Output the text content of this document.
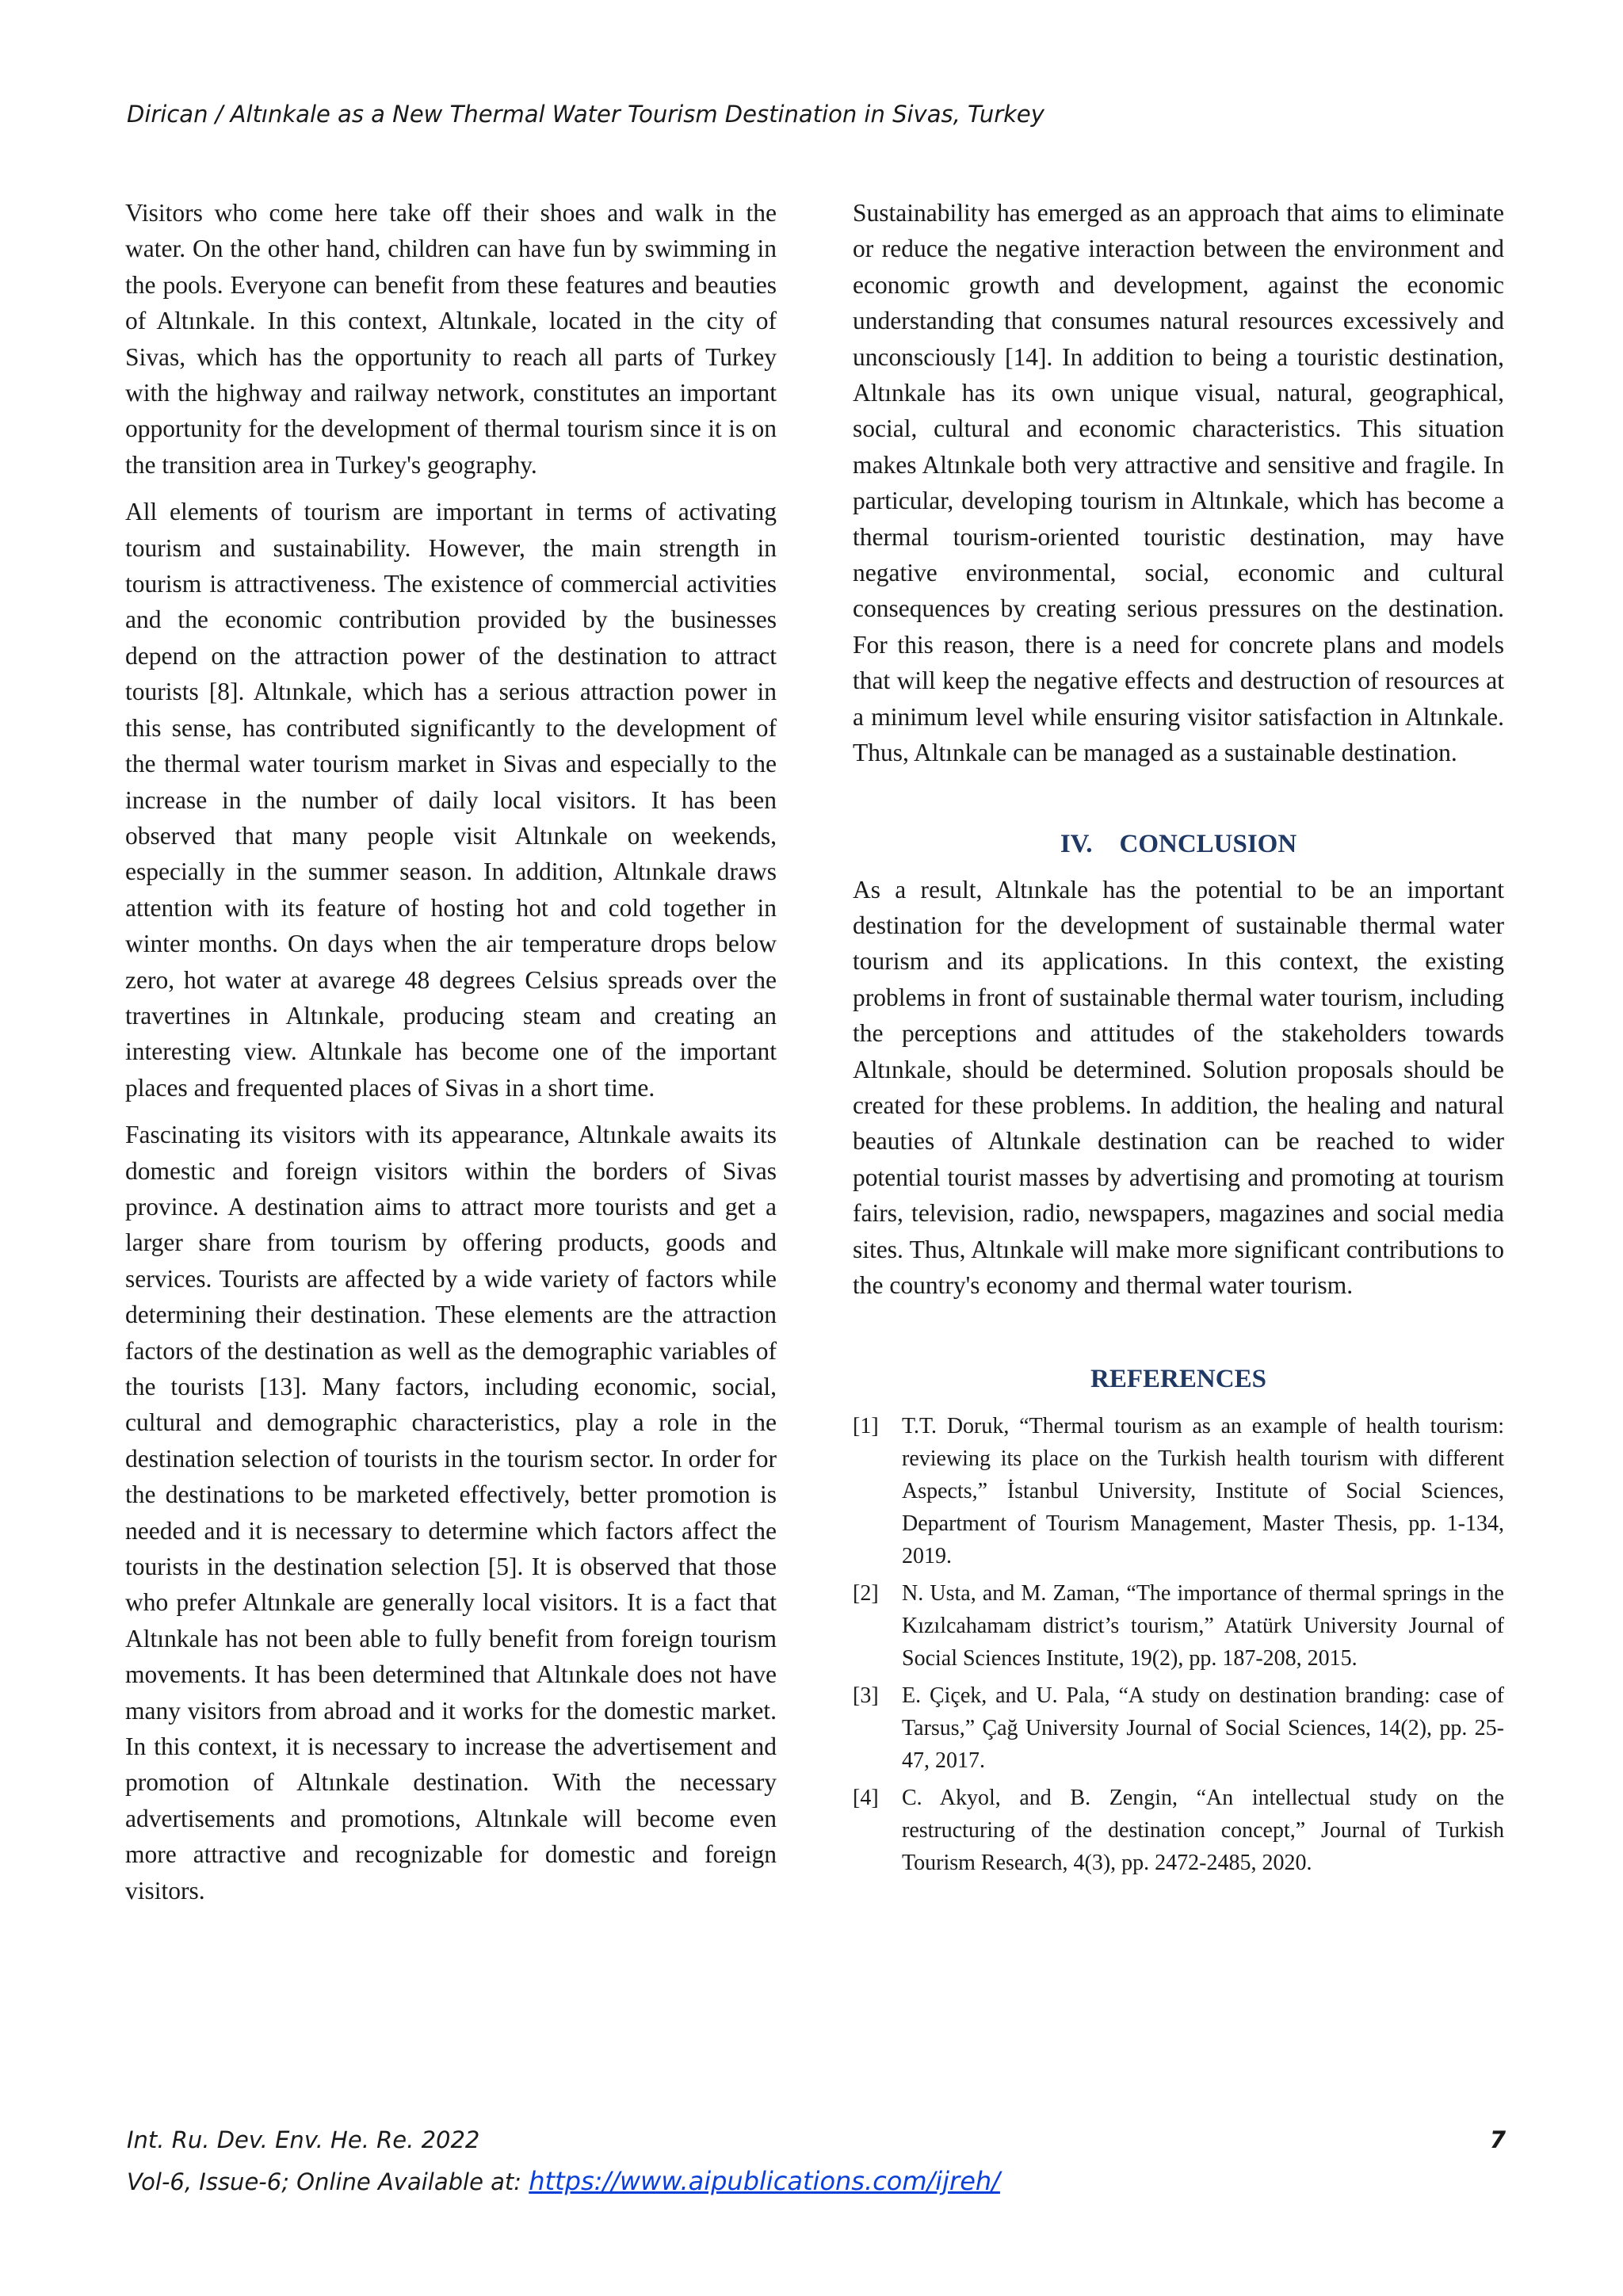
Dirican / Altınkale as a New Thermal Water Tourism Destination in Sivas, Turkey

Visitors who come here take off their shoes and walk in the water. On the other hand, children can have fun by swimming in the pools. Everyone can benefit from these features and beauties of Altınkale. In this context, Altınkale, located in the city of Sivas, which has the opportunity to reach all parts of Turkey with the highway and railway network, constitutes an important opportunity for the development of thermal tourism since it is on the transition area in Turkey's geography.

All elements of tourism are important in terms of activating tourism and sustainability. However, the main strength in tourism is attractiveness. The existence of commercial activities and the economic contribution provided by the businesses depend on the attraction power of the destination to attract tourists [8]. Altınkale, which has a serious attraction power in this sense, has contributed significantly to the development of the thermal water tourism market in Sivas and especially to the increase in the number of daily local visitors. It has been observed that many people visit Altınkale on weekends, especially in the summer season. In addition, Altınkale draws attention with its feature of hosting hot and cold together in winter months. On days when the air temperature drops below zero, hot water at avarege 48 degrees Celsius spreads over the travertines in Altınkale, producing steam and creating an interesting view. Altınkale has become one of the important places and frequented places of Sivas in a short time.

Fascinating its visitors with its appearance, Altınkale awaits its domestic and foreign visitors within the borders of Sivas province. A destination aims to attract more tourists and get a larger share from tourism by offering products, goods and services. Tourists are affected by a wide variety of factors while determining their destination. These elements are the attraction factors of the destination as well as the demographic variables of the tourists [13]. Many factors, including economic, social, cultural and demographic characteristics, play a role in the destination selection of tourists in the tourism sector. In order for the destinations to be marketed effectively, better promotion is needed and it is necessary to determine which factors affect the tourists in the destination selection [5]. It is observed that those who prefer Altınkale are generally local visitors. It is a fact that Altınkale has not been able to fully benefit from foreign tourism movements. It has been determined that Altınkale does not have many visitors from abroad and it works for the domestic market. In this context, it is necessary to increase the advertisement and promotion of Altınkale destination. With the necessary advertisements and promotions, Altınkale will become even more attractive and recognizable for domestic and foreign visitors.

Sustainability has emerged as an approach that aims to eliminate or reduce the negative interaction between the environment and economic growth and development, against the economic understanding that consumes natural resources excessively and unconsciously [14]. In addition to being a touristic destination, Altınkale has its own unique visual, natural, geographical, social, cultural and economic characteristics. This situation makes Altınkale both very attractive and sensitive and fragile. In particular, developing tourism in Altınkale, which has become a thermal tourism-oriented touristic destination, may have negative environmental, social, economic and cultural consequences by creating serious pressures on the destination. For this reason, there is a need for concrete plans and models that will keep the negative effects and destruction of resources at a minimum level while ensuring visitor satisfaction in Altınkale. Thus, Altınkale can be managed as a sustainable destination.

IV. CONCLUSION

As a result, Altınkale has the potential to be an important destination for the development of sustainable thermal water tourism and its applications. In this context, the existing problems in front of sustainable thermal water tourism, including the perceptions and attitudes of the stakeholders towards Altınkale, should be determined. Solution proposals should be created for these problems. In addition, the healing and natural beauties of Altınkale destination can be reached to wider potential tourist masses by advertising and promoting at tourism fairs, television, radio, newspapers, magazines and social media sites. Thus, Altınkale will make more significant contributions to the country's economy and thermal water tourism.

REFERENCES
[1]	T.T. Doruk, “Thermal tourism as an example of health tourism: reviewing its place on the Turkish health tourism with different Aspects,” İstanbul University, Institute of Social Sciences, Department of Tourism Management, Master Thesis, pp. 1-134, 2019.
[2]	N. Usta, and M. Zaman, “The importance of thermal springs in the Kızılcahamam district’s tourism,” Atatürk University Journal of Social Sciences Institute, 19(2), pp. 187-208, 2015.
[3]	E. Çiçek, and U. Pala, “A study on destination branding: case of Tarsus,” Çağ University Journal of Social Sciences, 14(2), pp. 25-47, 2017.
[4]	C. Akyol, and B. Zengin, “An intellectual study on the restructuring of the destination concept,” Journal of Turkish Tourism Research, 4(3), pp. 2472-2485, 2020.
Int. Ru. Dev. Env. He. Re. 2022	7
Vol-6, Issue-6; Online Available at: https://www.aipublications.com/ijreh/
